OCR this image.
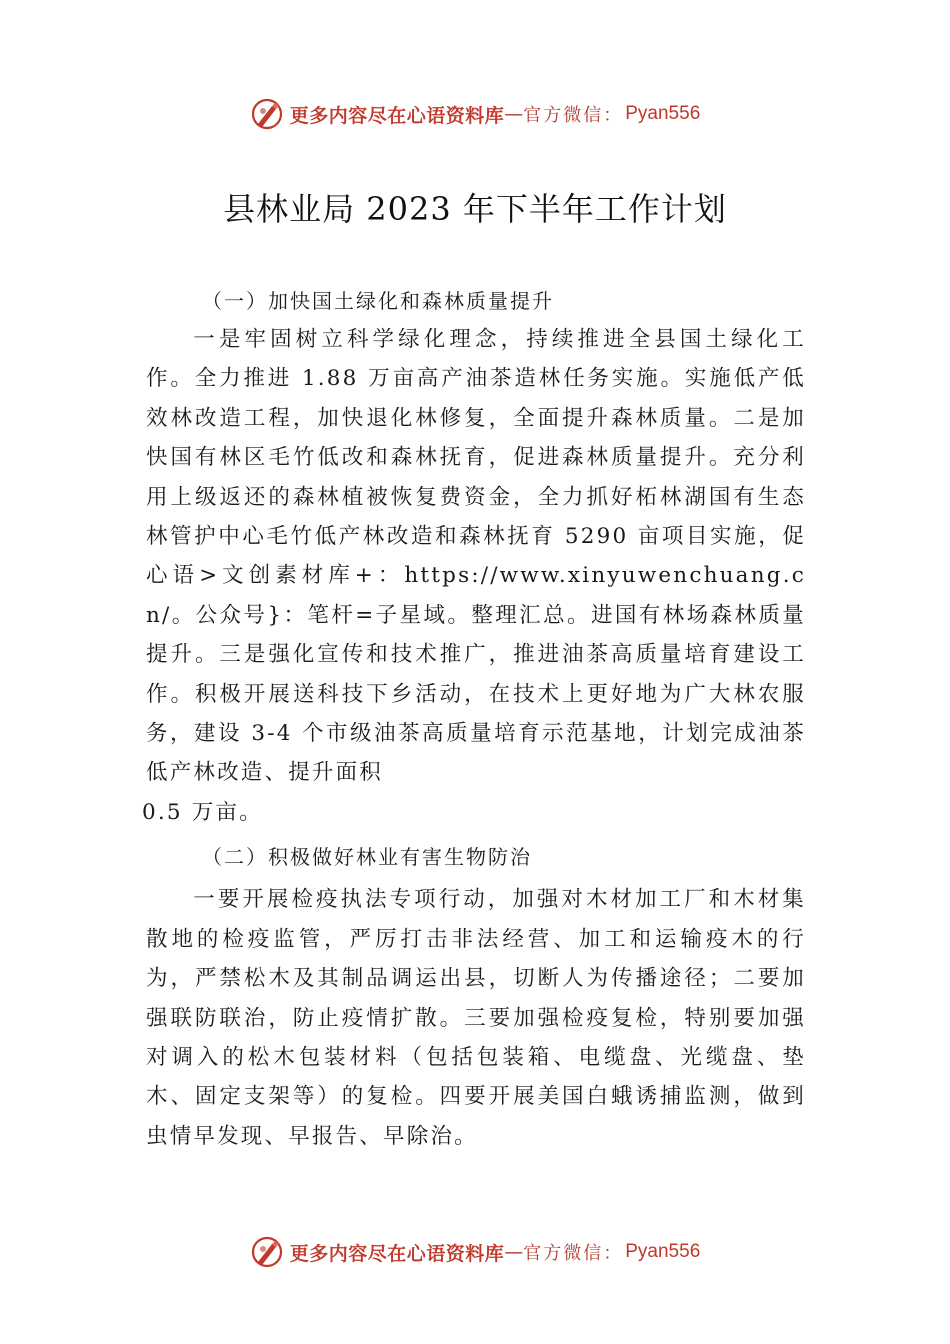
更多内容尽在心语资料库 — 官方微信： Pyan556
县林业局 2023 年下半年工作计划
（一）加快国土绿化和森林质量提升

一是牢固树立科学绿化理念，持续推进全县国土绿化工作。全力推进 1.88 万亩高产油茶造林任务实施。实施低产低效林改造工程，加快退化林修复，全面提升森林质量。二是加快国有林区毛竹低改和森林抚育，促进森林质量提升。充分利用上级返还的森林植被恢复费资金，全力抓好柘林湖国有生态林管护中心毛竹低产林改造和森林抚育 5290 亩项目实施，促心语>文创素材库+：https://www.xinyuwenchuang.cn/。公众号}：笔杆=子星域。整理汇总。进国有林场森林质量提升。三是强化宣传和技术推广，推进油茶高质量培育建设工作。积极开展送科技下乡活动，在技术上更好地为广大林农服务，建设 3-4 个市级油茶高质量培育示范基地，计划完成油茶低产林改造、提升面积
0.5 万亩。

（二）积极做好林业有害生物防治

一要开展检疫执法专项行动，加强对木材加工厂和木材集散地的检疫监管，严厉打击非法经营、加工和运输疫木的行为，严禁松木及其制品调运出县，切断人为传播途径；二要加强联防联治，防止疫情扩散。三要加强检疫复检，特别要加强对调入的松木包装材料（包括包装箱、电缆盘、光缆盘、垫木、固定支架等）的复检。四要开展美国白蛾诱捕监测，做到虫情早发现、早报告、早除治。

更多内容尽在心语资料库 — 官方微信： Pyan556
